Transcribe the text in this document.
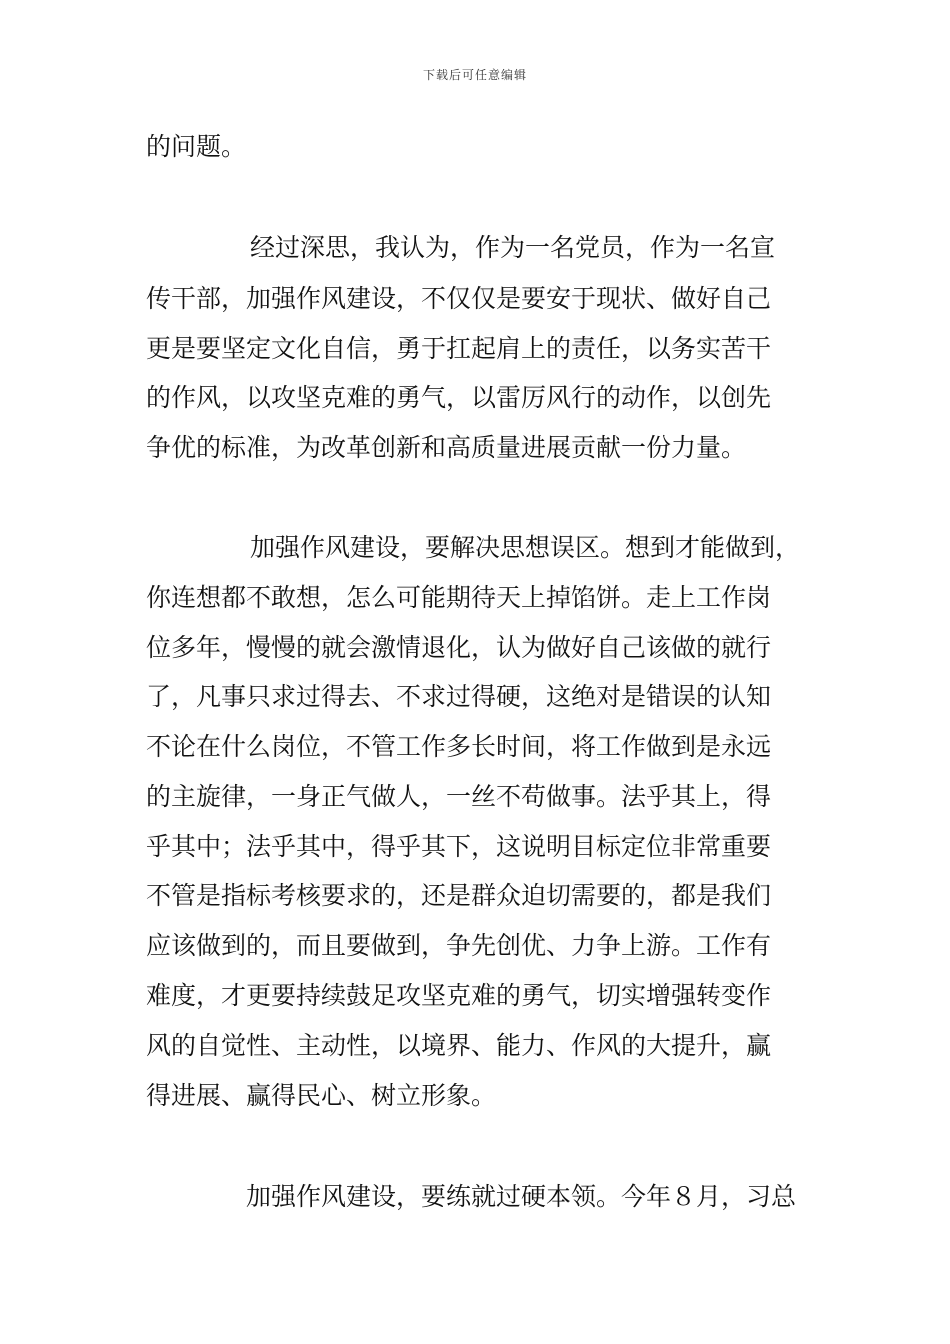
下载后可任意编辑
的问题。
经过深思，我认为，作为一名党员，作为一名宣
传干部，加强作风建设，不仅仅是要安于现状、做好自己
更是要坚定文化自信，勇于扛起肩上的责任，以务实苦干
的作风，以攻坚克难的勇气，以雷厉风行的动作，以创先
争优的标准，为改革创新和高质量进展贡献一份力量。
加强作风建设，要解决思想误区。想到才能做到，
你连想都不敢想，怎么可能期待天上掉馅饼。走上工作岗
位多年，慢慢的就会激情退化，认为做好自己该做的就行
了，凡事只求过得去、不求过得硬，这绝对是错误的认知
不论在什么岗位，不管工作多长时间，将工作做到是永远
的主旋律，一身正气做人，一丝不苟做事。法乎其上，得
乎其中；法乎其中，得乎其下，这说明目标定位非常重要
不管是指标考核要求的，还是群众迫切需要的，都是我们
应该做到的，而且要做到，争先创优、力争上游。工作有
难度，才更要持续鼓足攻坚克难的勇气，切实增强转变作
风的自觉性、主动性，以境界、能力、作风的大提升，赢
得进展、赢得民心、树立形象。
加强作风建设，要练就过硬本领。今年８月，习总
